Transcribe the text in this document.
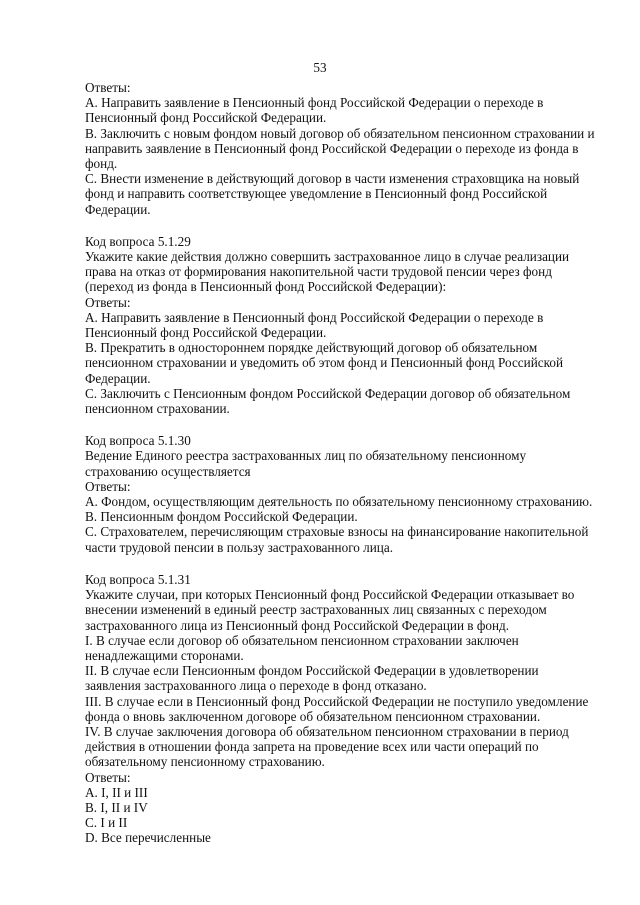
53
Ответы:
A. Направить заявление в Пенсионный фонд Российской Федерации о переходе в
Пенсионный фонд Российской Федерации.
B. Заключить с новым фондом новый договор об обязательном пенсионном страховании и
направить заявление в Пенсионный фонд Российской Федерации о переходе из фонда в
фонд.
C. Внести изменение в действующий договор в части изменения страховщика на новый
фонд и направить соответствующее уведомление в Пенсионный фонд Российской
Федерации.
Код вопроса 5.1.29
Укажите какие действия должно совершить застрахованное лицо в случае реализации
права на отказ от формирования накопительной части трудовой пенсии через фонд
(переход из фонда в Пенсионный фонд Российской Федерации):
Ответы:
A. Направить заявление в Пенсионный фонд Российской Федерации о переходе в
Пенсионный фонд Российской Федерации.
B. Прекратить в одностороннем порядке действующий договор об обязательном
пенсионном страховании и уведомить об этом фонд и Пенсионный фонд Российской
Федерации.
C. Заключить с Пенсионным фондом Российской Федерации договор об обязательном
пенсионном страховании.
Код вопроса 5.1.30
Ведение Единого реестра застрахованных лиц по обязательному пенсионному
страхованию осуществляется
Ответы:
A. Фондом, осуществляющим деятельность по обязательному пенсионному страхованию.
B. Пенсионным фондом Российской Федерации.
C. Страхователем, перечисляющим страховые взносы на финансирование накопительной
части трудовой пенсии в пользу застрахованного лица.
Код вопроса 5.1.31
Укажите случаи, при которых Пенсионный фонд Российской Федерации отказывает во
внесении изменений в единый реестр застрахованных лиц связанных с переходом
застрахованного лица из Пенсионный фонд Российской Федерации в фонд.
I. В случае если договор об обязательном пенсионном страховании заключен
ненадлежащими сторонами.
II. В случае если Пенсионным фондом Российской Федерации в удовлетворении
заявления застрахованного лица о переходе в фонд отказано.
III. В случае если в Пенсионный фонд Российской Федерации не поступило уведомление
фонда о вновь заключенном договоре об обязательном пенсионном страховании.
IV. В случае заключения договора об обязательном пенсионном страховании в период
действия в отношении фонда запрета на проведение всех или части операций по
обязательному пенсионному страхованию.
Ответы:
A. I, II и III
B. I, II и IV
C. I и II
D. Все перечисленные
